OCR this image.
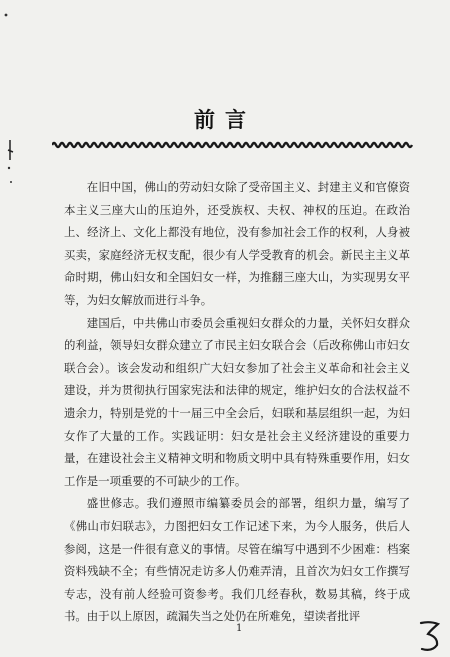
前言

在旧中国，佛山的劳动妇女除了受帝国主义、封建主义和官僚资本主义三座大山的压迫外，还受族权、夫权、神权的压迫。在政治上、经济上、文化上都没有地位，没有参加社会工作的权利，人身被买卖，家庭经济无权支配，很少有人学受教育的机会。新民主主义革命时期，佛山妇女和全国妇女一样，为推翻三座大山，为实现男女平等，为妇女解放而进行斗争。

建国后，中共佛山市委员会重视妇女群众的力量，关怀妇女群众的利益，领导妇女群众建立了市民主妇女联合会（后改称佛山市妇女联合会）。该会发动和组织广大妇女参加了社会主义革命和社会主义建设，并为贯彻执行国家宪法和法律的规定，维护妇女的合法权益不遗余力，特别是党的十一届三中全会后，妇联和基层组织一起，为妇女作了大量的工作。实践证明：妇女是社会主义经济建设的重要力量，在建设社会主义精神文明和物质文明中具有特殊重要作用，妇女工作是一项重要的不可缺少的工作。

盛世修志。我们遵照市编纂委员会的部署，组织力量，编写了《佛山市妇联志》，力图把妇女工作记述下来，为今人服务，供后人参阅，这是一件很有意义的事情。尽管在编写中遇到不少困难：档案资料残缺不全；有些情况走访多人仍难弄清，且首次为妇女工作撰写专志，没有前人经验可资参考。我们几经春秋，数易其稿，终于成书。由于以上原因，疏漏失当之处仍在所难免，望读者批评

1
